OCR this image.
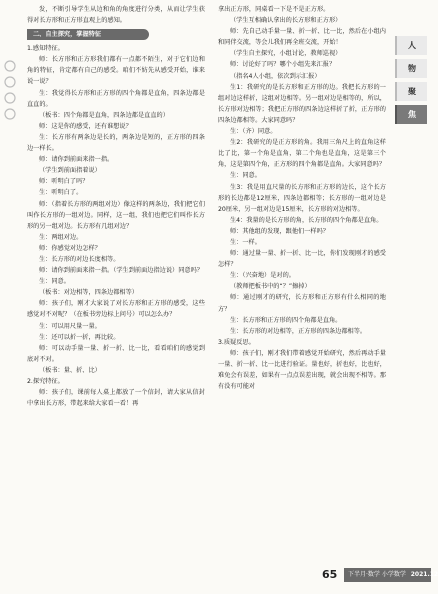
发，不断引导学生从边和角的角度进行分类，从而让学生获得对长方形和正方形直观上的感知。

二、自主探究，掌握特征

1.感知特征。

师：长方形和正方形我们都有一点都不陌生，对于它们边和角的特征，肯定都有自己的感受。咱们不妨先从感受开始，谁来说一说？

生：我觉得长方形和正方形的四个角都是直角，四条边都是直直的。

（板书：四个角都是直角，四条边都是直直的）

师：这是你的感受，还有谁想说？

生：长方形有两条边是长的，两条边是短的，正方形的四条边一样长。

师：请你到前面来指一指。

（学生到前面指着说）

师：听明白了吗？

生：听明白了。

师：（指着长方形的两组对边）像这样的两条边，我们把它们叫作长方形的一组对边。同样，这一组，我们也把它们叫作长方形的另一组对边。长方形有几组对边？

生：两组对边。

师：你感觉对边怎样？

生：长方形的对边长度相等。

师：请你到前面来指一指。（学生到前面边指边说）同意吗？

生：同意。

（板书：对边相等，四条边都相等）

师：孩子们，刚才大家说了对长方形和正方形的感受，这些感觉对不对呢？（在板书旁边标上问号）可以怎么办？

生：可以用尺量一量。

生：还可以折一折，再比较。

师：可以动手量一量、折一折、比一比，看看咱们的感觉到底对不对。

（板书：量、折、比）

2.探究特征。

师：孩子们，课前每人桌上都放了一个信封，请大家从信封中拿出长方形，带起来给大家看一看！再

拿出正方形，同桌看一下是不是正方形。

（学生互相确认拿出的长方形和正方形）

师：先自己动手量一量、折一折、比一比，然后在小组内和同伴交流，等会儿我们再全班交流，开始！

（学生自主探究，小组讨论，教师巡视）

师：讨论好了吗？哪个小组先来汇报？

（指名4人小组，依次到示汇报）

生1：我研究的是长方形和正方形的边。我把长方形的一组对边这样折，这组对边相等。另一组对边是相等的，所以，长方形对边相等；我把正方形的四条边这样折了折，正方形的四条边都相等。大家同意吗？

生：（齐）同意。

生2：我研究的是正方形的角。我用三角尺上的直角这样比了比，第一个角是直角，第二个角也是直角，这是第三个角，这是第四个角，正方形的四个角都是直角。大家同意吗？

生：同意。

生3：我是用直尺量的长方形和正方形的边长，这个长方形的长边都是12厘米，四条边都相等；长方形的一组对边是20厘米，另一组对边是15厘米，长方形的对边相等。

生4：我量的是长方形的角，长方形的四个角都是直角。

师：其他组的发现，跟他们一样吗？

生：一样。

师：通过量一量、折一折、比一比，你们发现刚才的感受怎样？

生：（兴奋地）是对的。

（教师把板书中的“？”擦掉）

师：通过刚才的研究，长方形和正方形有什么相同的地方？

生：长方形和正方形的四个角都是直角。

生：长方形的对边相等，正方形的四条边都相等。

3.质疑反思。

师：孩子们，刚才我们带着感觉开始研究，然后再动手量一量、折一折、比一比进行验证。量也好，折也好，比也好，难免会有误差，如果有一点点误差出现，就会出现不相等。那有没有可能对

人
物
聚
焦
65	下半月·数学 小学数学 2021.12
